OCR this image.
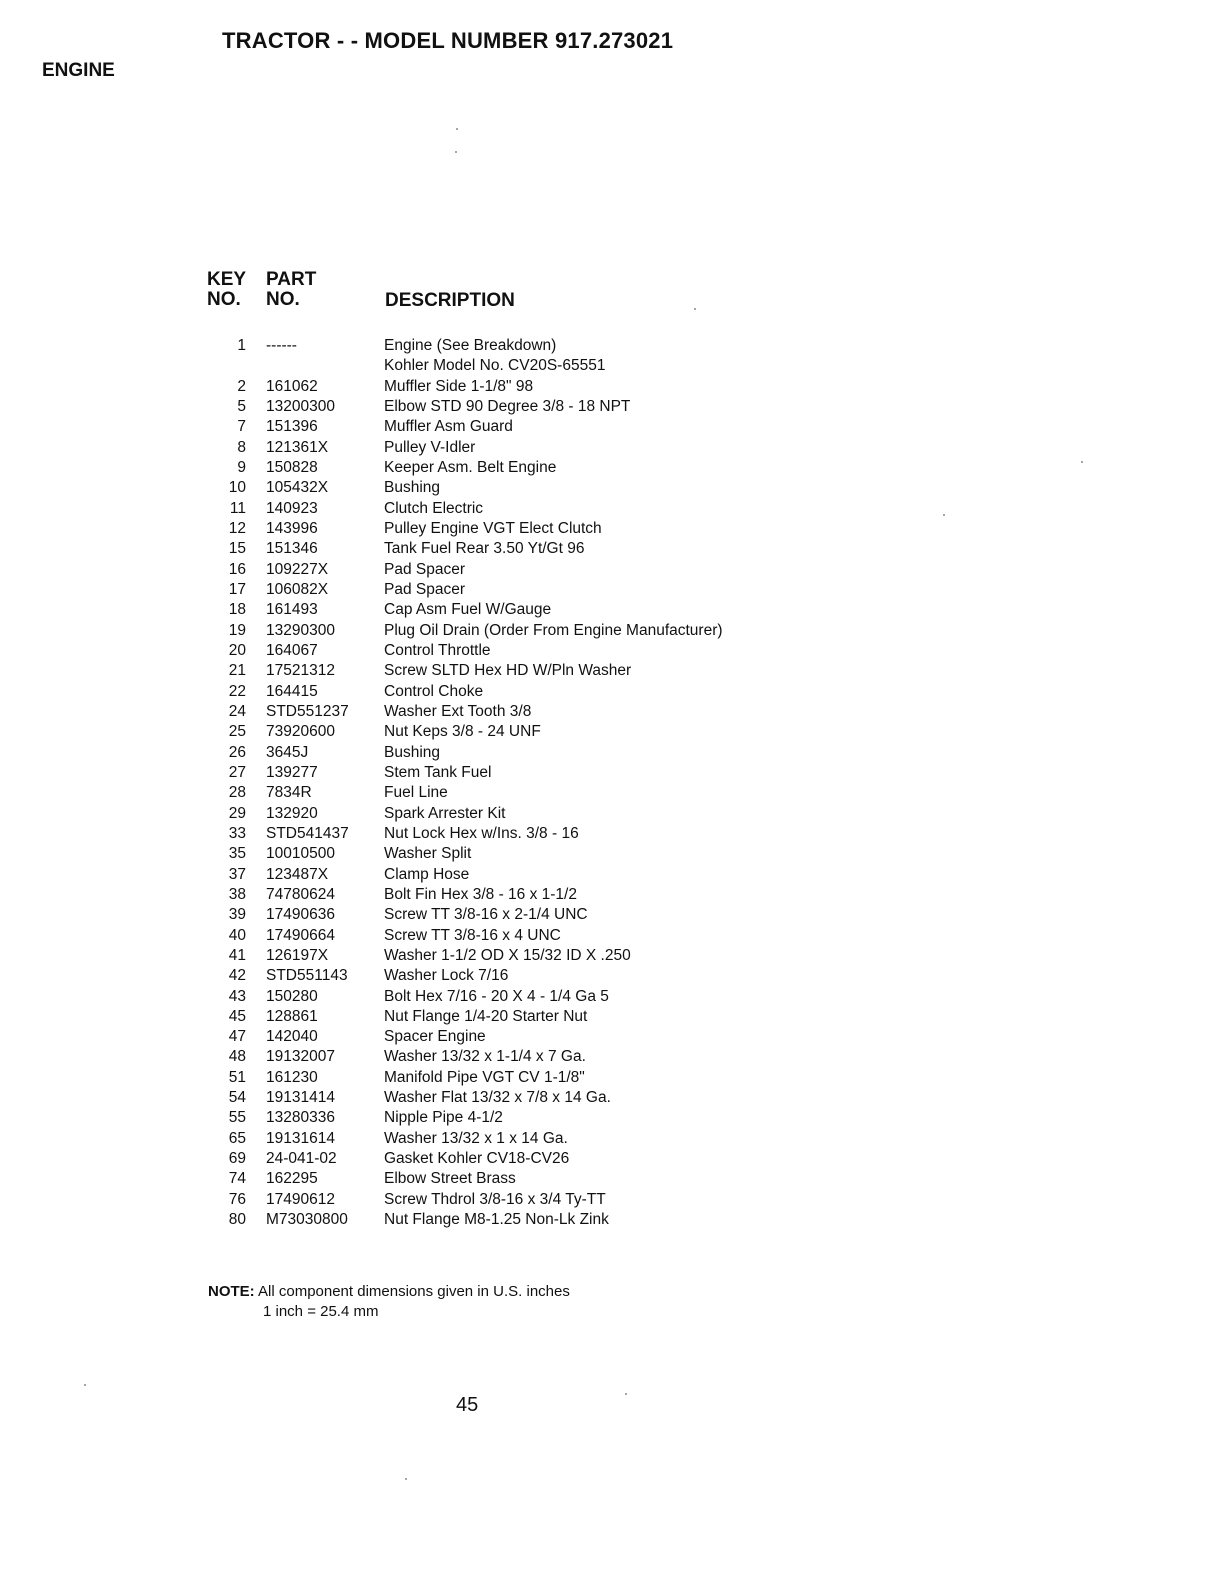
TRACTOR - - MODEL NUMBER 917.273021
ENGINE
KEY
NO.
PART
NO.	DESCRIPTION
1	------	Engine (See Breakdown)
Kohler Model No. CV20S-65551
2	161062	Muffler Side 1-1/8" 98
5	13200300	Elbow STD 90 Degree 3/8 - 18 NPT
7	151396	Muffler Asm Guard
8	121361X	Pulley V-Idler
9	150828	Keeper Asm. Belt Engine
10	105432X	Bushing
11	140923	Clutch Electric
12	143996	Pulley Engine VGT Elect Clutch
15	151346	Tank Fuel Rear 3.50 Yt/Gt 96
16	109227X	Pad Spacer
17	106082X	Pad Spacer
18	161493	Cap Asm Fuel W/Gauge
19	13290300	Plug Oil Drain (Order From Engine Manufacturer)
20	164067	Control Throttle
21	17521312	Screw SLTD Hex HD W/Pln Washer
22	164415	Control Choke
24	STD551237	Washer Ext Tooth 3/8
25	73920600	Nut Keps 3/8 - 24 UNF
26	3645J	Bushing
27	139277	Stem Tank Fuel
28	7834R	Fuel Line
29	132920	Spark Arrester Kit
33	STD541437	Nut Lock Hex w/Ins. 3/8 - 16
35	10010500	Washer Split
37	123487X	Clamp Hose
38	74780624	Bolt Fin Hex 3/8 - 16 x 1-1/2
39	17490636	Screw TT 3/8-16 x 2-1/4 UNC
40	17490664	Screw TT 3/8-16 x 4 UNC
41	126197X	Washer 1-1/2 OD X 15/32 ID X .250
42	STD551143	Washer Lock 7/16
43	150280	Bolt Hex 7/16 - 20 X 4 - 1/4 Ga 5
45	128861	Nut Flange 1/4-20 Starter Nut
47	142040	Spacer Engine
48	19132007	Washer 13/32 x 1-1/4 x 7 Ga.
51	161230	Manifold Pipe VGT CV 1-1/8"
54	19131414	Washer Flat 13/32 x 7/8 x 14 Ga.
55	13280336	Nipple Pipe 4-1/2
65	19131614	Washer 13/32 x 1 x 14 Ga.
69	24-041-02	Gasket Kohler CV18-CV26
74	162295	Elbow Street Brass
76	17490612	Screw Thdrol 3/8-16 x 3/4 Ty-TT
80	M73030800	Nut Flange M8-1.25 Non-Lk Zink
NOTE: All component dimensions given in U.S. inches
1 inch = 25.4 mm
45
